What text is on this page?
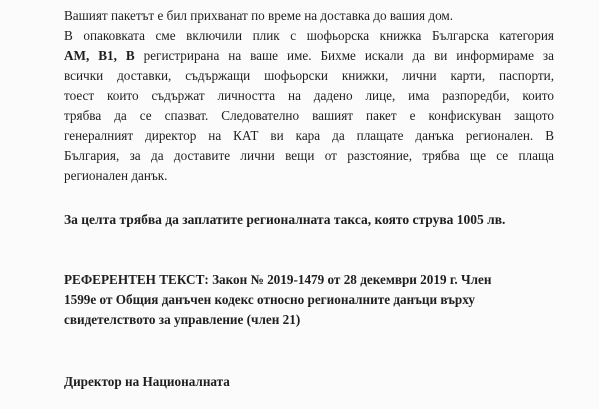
Вашият пакетът е бил прихванат по време на доставка до вашия дом.
В опаковката сме включили плик с шофьорска книжка Българска категория
АМ, В1, В регистрирана на ваше име. Бихме искали да ви информираме за
всички доставки, съдържащи шофьорски книжки, лични карти, паспорти,
тоест които съдържат личността на дадено лице, има разпоредби, които
трябва да се спазват. Следователно вашият пакет е конфискуван защото
генералният директор на КАТ ви кара да плащате данъка регионален. В
България, за да доставите лични вещи от разстояние, трябва ще се плаща
регионален данък.
За целта трябва да заплатите регионалната такса, която струва 1005 лв.
РЕФЕРЕНТЕН ТЕКСТ: Закон № 2019-1479 от 28 декември 2019 г. Член
1599е от Общия данъчен кодекс относно регионалните данъци върху
свидетелството за управление (член 21)
Директор на Националната
